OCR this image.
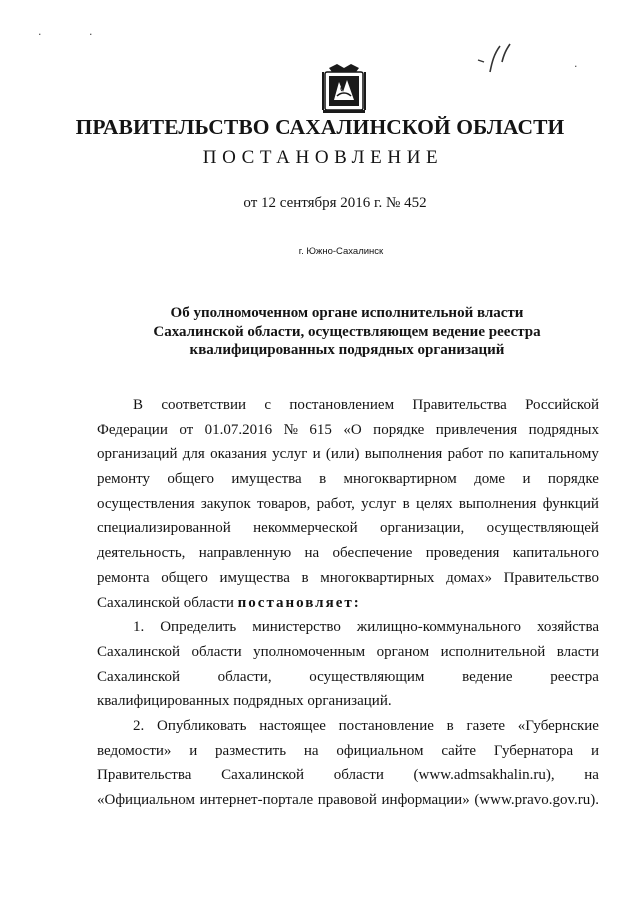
· ·
·
ПРАВИТЕЛЬСТВО САХАЛИНСКОЙ ОБЛАСТИ
ПОСТАНОВЛЕНИЕ
от 12 сентября 2016 г. № 452
г. Южно-Сахалинск
Об уполномоченном органе исполнительной власти
Сахалинской области, осуществляющем ведение реестра
квалифицированных подрядных организаций
В соответствии с постановлением Правительства Российской
Федерации от 01.07.2016 № 615 «О порядке привлечения подрядных
организаций для оказания услуг и (или) выполнения работ по капитальному
ремонту общего имущества в многоквартирном доме и порядке
осуществления закупок товаров, работ, услуг в целях выполнения функций
специализированной некоммерческой организации, осуществляющей
деятельность, направленную на обеспечение проведения капитального
ремонта общего имущества в многоквартирных домах» Правительство
Сахалинской области постановляет:
1. Определить министерство жилищно-коммунального хозяйства
Сахалинской области уполномоченным органом исполнительной власти
Сахалинской	области,	осуществляющим	ведение	реестра
квалифицированных подрядных организаций.
2. Опубликовать настоящее постановление в газете «Губернские
ведомости» и разместить на официальном сайте Губернатора и
Правительства Сахалинской области (www.admsakhalin.ru), на
«Официальном интернет-портале правовой информации» (www.pravo.gov.ru).
